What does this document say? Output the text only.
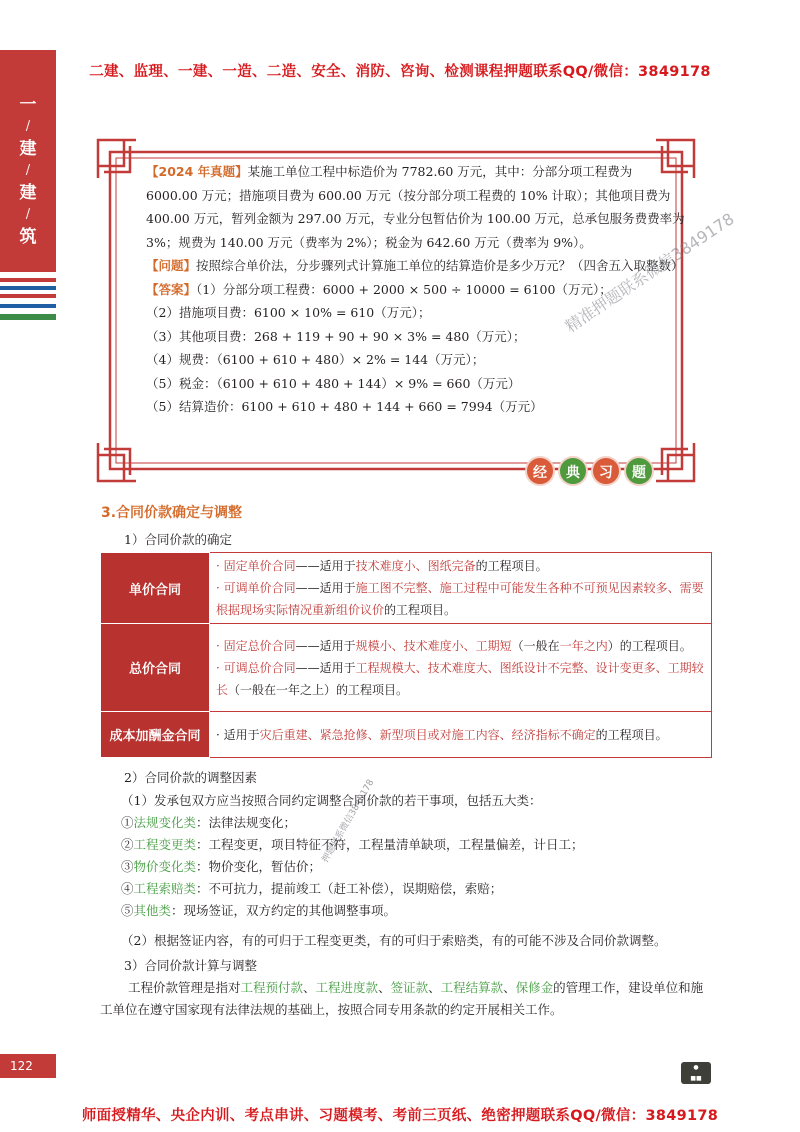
二建、监理、一建、一造、二造、安全、消防、咨询、检测课程押题联系QQ/微信：3849178
师面授精华、央企内训、考点串讲、习题模考、考前三页纸、绝密押题联系QQ/微信：3849178
一
/
建
/
建
/
筑

【2024 年真题】某施工单位工程中标造价为 7782.60 万元，其中：分部分项工程费为 6000.00 万元；措施项目费为 600.00 万元（按分部分项工程费的 10% 计取）；其他项目费为 400.00 万元，暂列金额为 297.00 万元，专业分包暂估价为 100.00 万元，总承包服务费费率为 3%；规费为 140.00 万元（费率为 2%）；税金为 642.60 万元（费率为 9%）。

【问题】按照综合单价法，分步骤列式计算施工单位的结算造价是多少万元？（四舍五入取整数）

【答案】（1）分部分项工程费：6000 + 2000 × 500 ÷ 10000 = 6100（万元）；

（2）措施项目费：6100 × 10% = 610（万元）；

（3）其他项目费：268 + 119 + 90 + 90 × 3% = 480（万元）；

（4）规费：（6100 + 610 + 480）× 2% = 144（万元）；

（5）税金：（6100 + 610 + 480 + 144）× 9% = 660（万元）

（5）结算造价：6100 + 610 + 480 + 144 + 660 = 7994（万元）

经	典	习	题
3.合同价款确定与调整
1）合同价款的确定
单价合同	· 固定单价合同——适用于技术难度小、图纸完备的工程项目。
· 可调单价合同——适用于施工图不完整、施工过程中可能发生各种不可预见因素较多、需要根据现场实际情况重新组价议价的工程项目。

总价合同	· 固定总价合同——适用于规模小、技术难度小、工期短（一般在一年之内）的工程项目。
· 可调总价合同——适用于工程规模大、技术难度大、图纸设计不完整、设计变更多、工期较长（一般在一年之上）的工程项目。

成本加酬金合同	· 适用于灾后重建、紧急抢修、新型项目或对施工内容、经济指标不确定的工程项目。
2）合同价款的调整因素
（1）发承包双方应当按照合同约定调整合同价款的若干事项，包括五大类：
①法规变化类：法律法规变化；
②工程变更类：工程变更，项目特征不符，工程量清单缺项，工程量偏差，计日工；
③物价变化类：物价变化，暂估价；
④工程索赔类：不可抗力，提前竣工（赶工补偿），误期赔偿，索赔；
⑤其他类：现场签证，双方约定的其他调整事项。
（2）根据签证内容，有的可归于工程变更类，有的可归于索赔类，有的可能不涉及合同价款调整。
3）合同价款计算与调整
工程价款管理是指对工程预付款、工程进度款、签证款、工程结算款、保修金的管理工作，建设单位和施工单位在遵守国家现有法律法规的基础上，按照合同专用条款的约定开展相关工作。
122	●
■■
精准押题联系微信3849178
押题联系微信3849178
